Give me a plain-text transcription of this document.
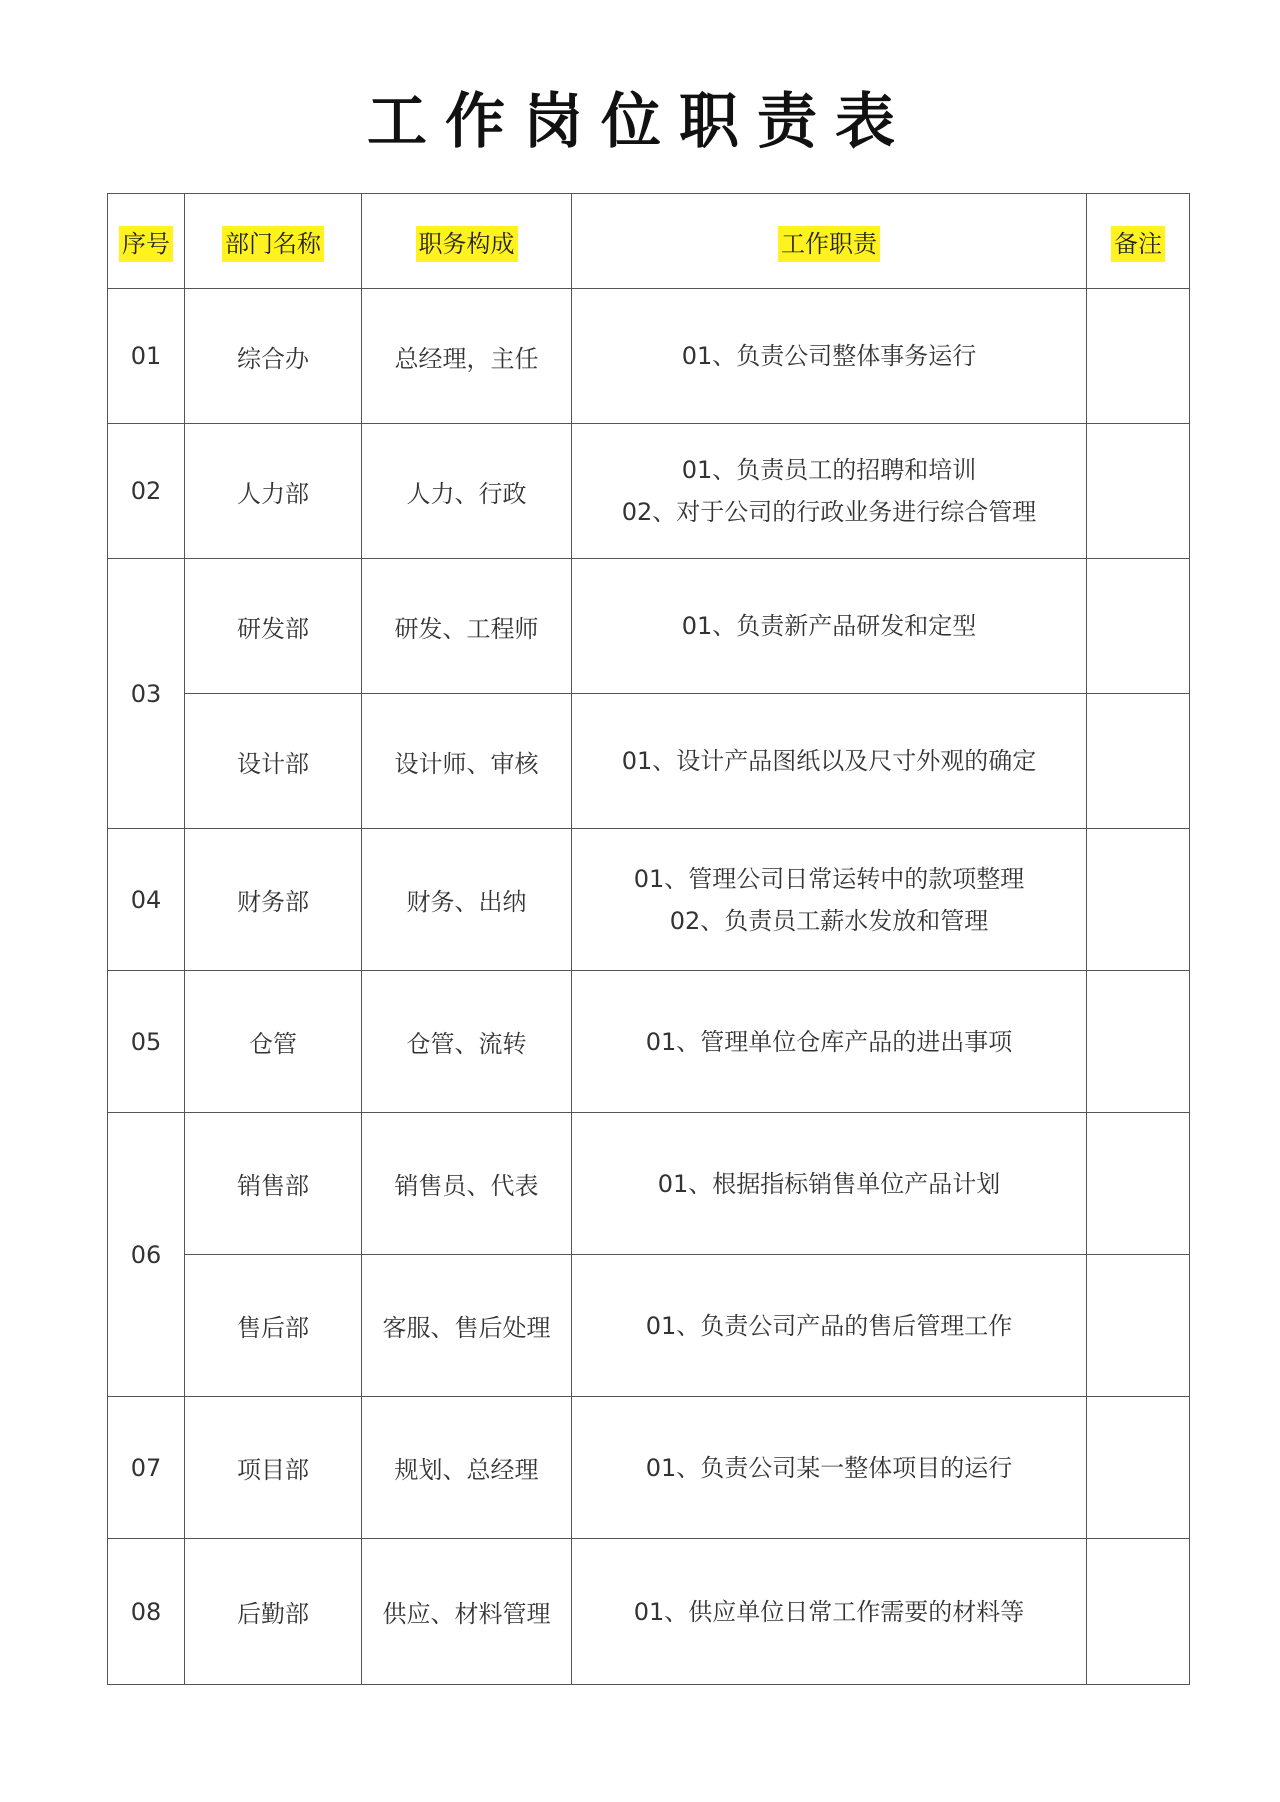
工作岗位职责表
序号	部门名称	职务构成	工作职责	备注
01	综合办	总经理，主任	01、负责公司整体事务运行	

02	人力部	人力、行政	01、负责员工的招聘和培训
02、对于公司的行政业务进行综合管理	

03	研发部	研发、工程师	01、负责新产品研发和定型	

	设计部	设计师、审核	01、设计产品图纸以及尺寸外观的确定	

04	财务部	财务、出纳	01、管理公司日常运转中的款项整理
02、负责员工薪水发放和管理	

05	仓管	仓管、流转	01、管理单位仓库产品的进出事项	

06	销售部	销售员、代表	01、根据指标销售单位产品计划	

	售后部	客服、售后处理	01、负责公司产品的售后管理工作	

07	项目部	规划、总经理	01、负责公司某一整体项目的运行	

08	后勤部	供应、材料管理	01、供应单位日常工作需要的材料等	
